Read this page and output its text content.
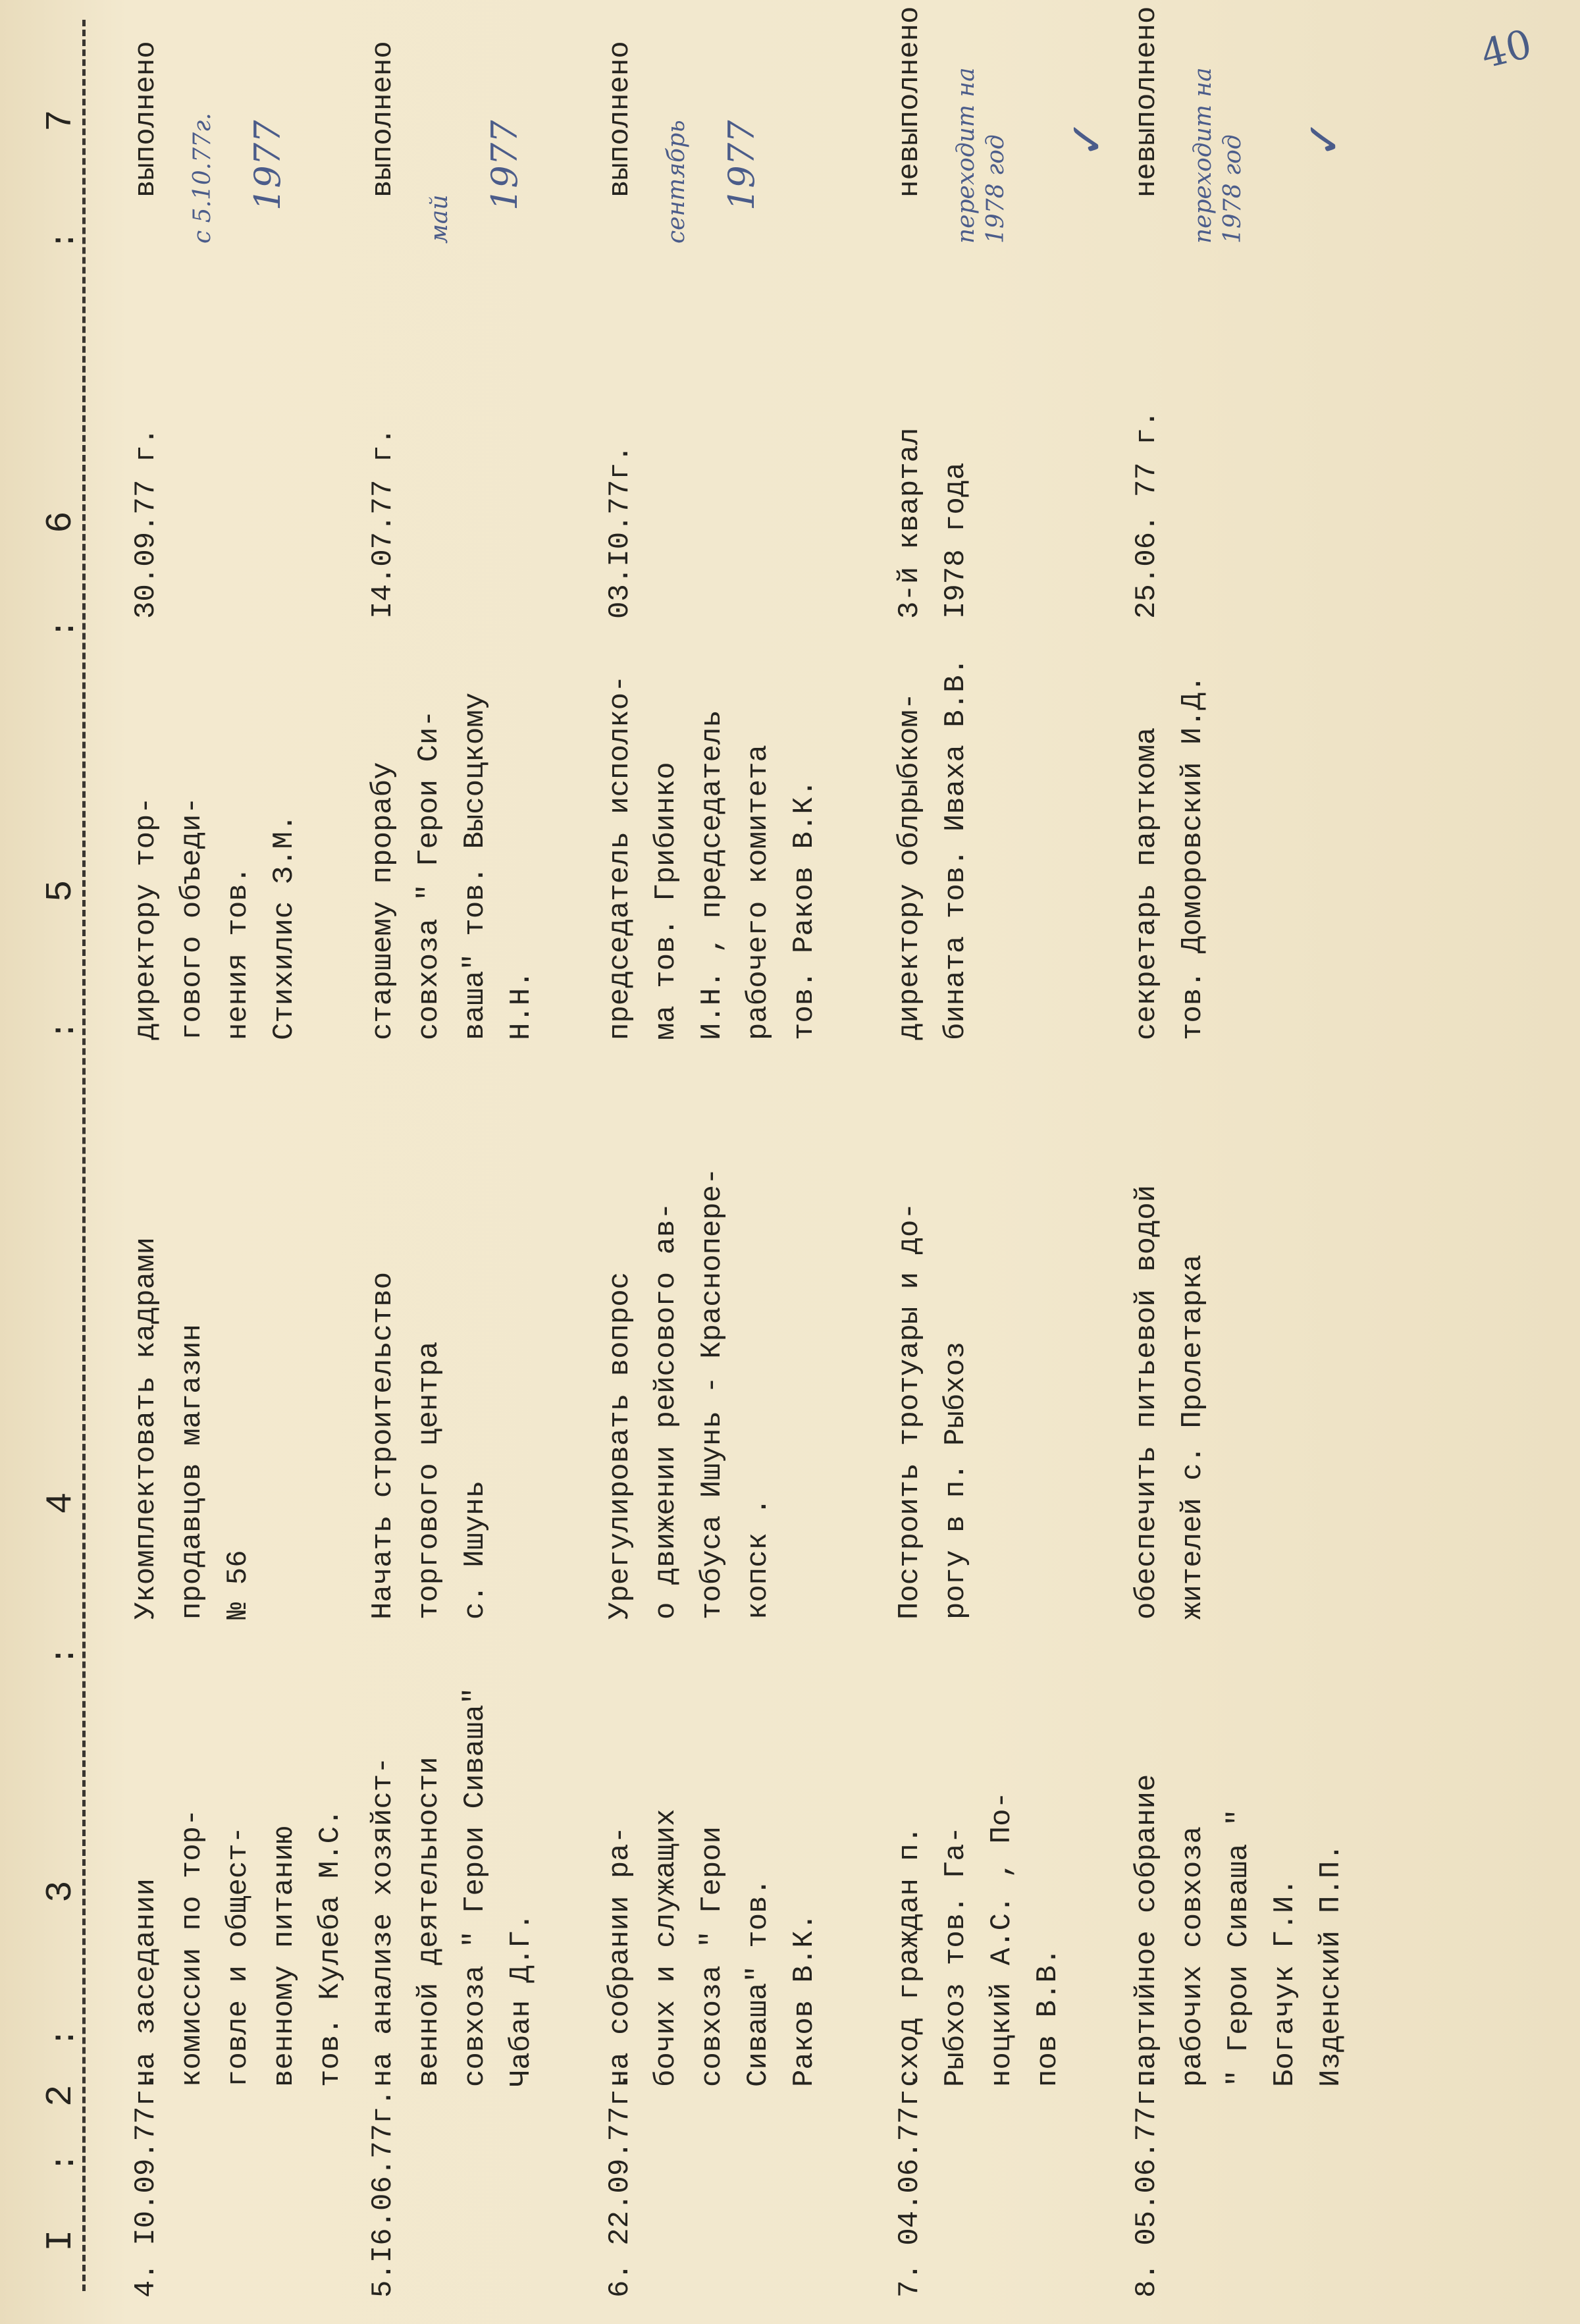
40
I
2
3
4
5
6
7
:
:
:
:
:
:
4. I0.09.77г.
на заседании комиссии по тор- говле и общест- венному питанию тов. Кулеба М.С.
Укомплектовать кадрами продавцов магазин № 56
директору тор- гового объеди- нения тов. Стихилис З.М.
30.09.77 г.
выполнено с 5.10.77г. 1977
5.I6.06.77г.
на анализе хозяйст- венной деятельности совхоза " Герои Сиваша" Чабан Д.Г.
Начать строительство торгового центра с. Ишунь
старшему прорабу совхоза " Герои Си- ваша" тов. Высоцкому Н.Н.
I4.07.77 г.
выполнено
май
1977
6. 22.09.77г.
на собрании ра- бочих и служащих совхоза " Герои Сиваша" тов. Раков В.К.
Урегулировать вопрос о движении рейсового ав- тобуса Ишунь - Красноперe- копск .
председатель исполко- ма тов. Грибинко И.Н. , председатель рабочего комитета тов. Раков В.К.
03.I0.77г.
выполнено сентябрь 1977
7. 04.06.77г.
сход граждан п. Рыбхоз тов. Га- ноцкий А.С. , По- пов В.В.
Построить тротуары и до- рогу в п. Рыбхоз
директору облрыбком- бината тов. Иваха В.В.
3-й квартал I978 года
невыполнено переходит на 1978 год ✓
8. 05.06.77г.
партийное собрание рабочих совхоза " Герои Сиваша " Богачук Г.И. Изденский П.П.
обеспечить питьевой водой жителей с. Пролетарка
секретарь парткома тов. Доморовский И.Д.
25.06. 77 г.
невыполнено переходит на 1978 год ✓
